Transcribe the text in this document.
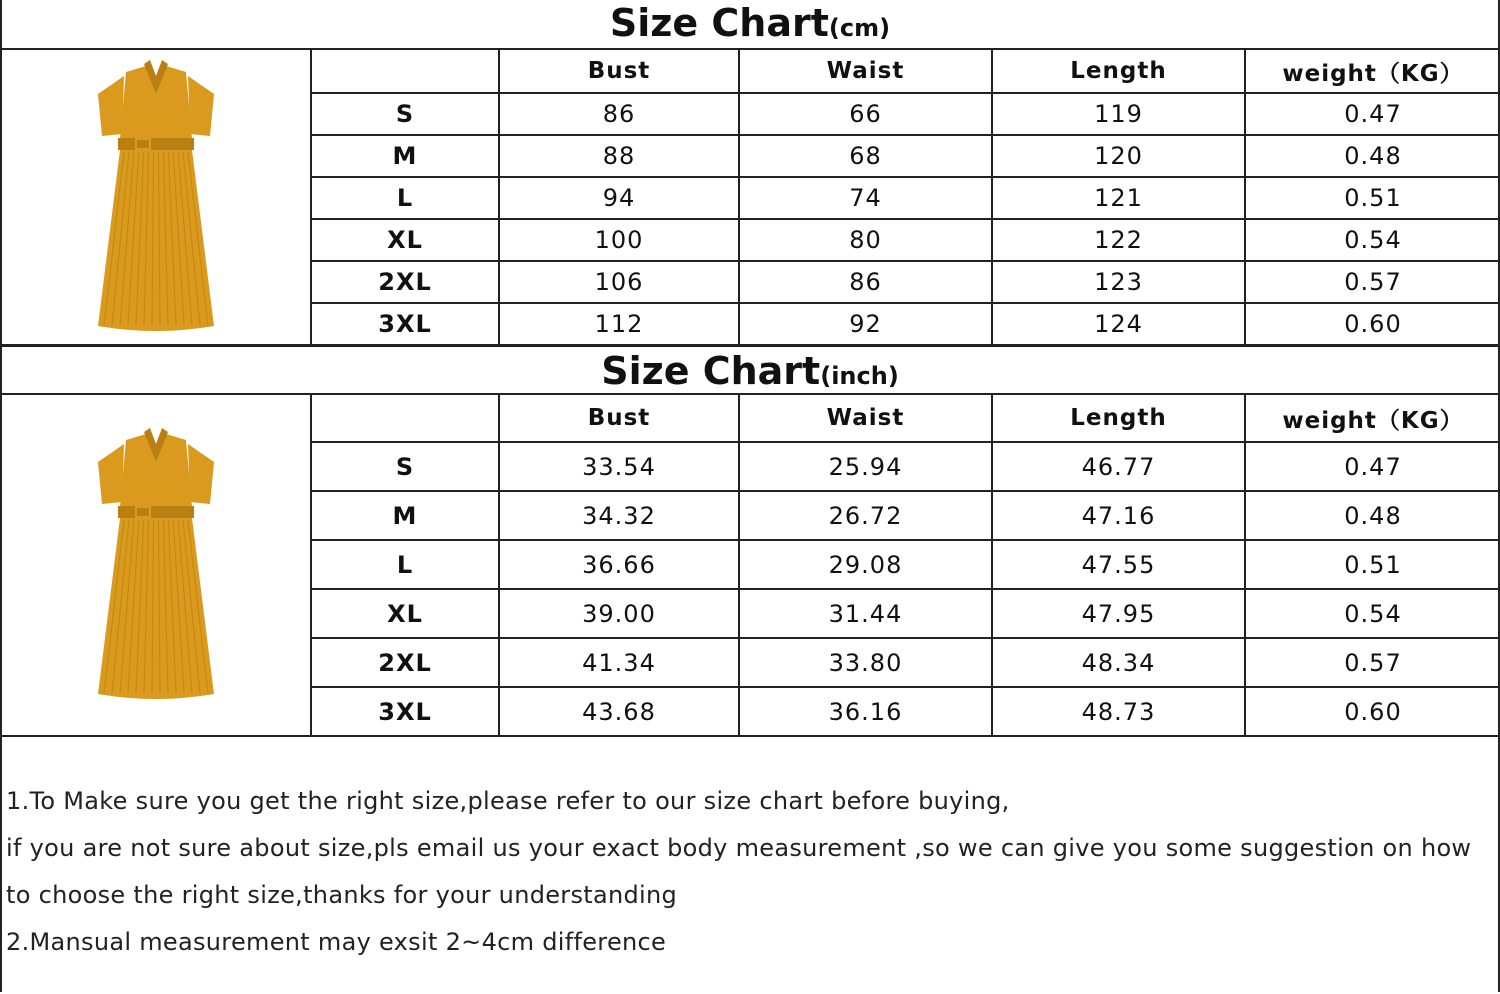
Size Chart(cm)
		Bust	Waist	Length	weight（KG）
	S	86	66	119	0.47
	M	88	68	120	0.48
	L	94	74	121	0.51
	XL	100	80	122	0.54
	2XL	106	86	123	0.57
	3XL	112	92	124	0.60
Size Chart(inch)
		Bust	Waist	Length	weight（KG）
	S	33.54	25.94	46.77	0.47
	M	34.32	26.72	47.16	0.48
	L	36.66	29.08	47.55	0.51
	XL	39.00	31.44	47.95	0.54
	2XL	41.34	33.80	48.34	0.57
	3XL	43.68	36.16	48.73	0.60

1.To Make sure you get the right size,please refer to our size chart before buying,

if you are not sure about size,pls email us your exact body measurement ,so we can give you some suggestion on how

to choose the right size,thanks for your understanding

2.Mansual measurement may exsit 2~4cm difference
